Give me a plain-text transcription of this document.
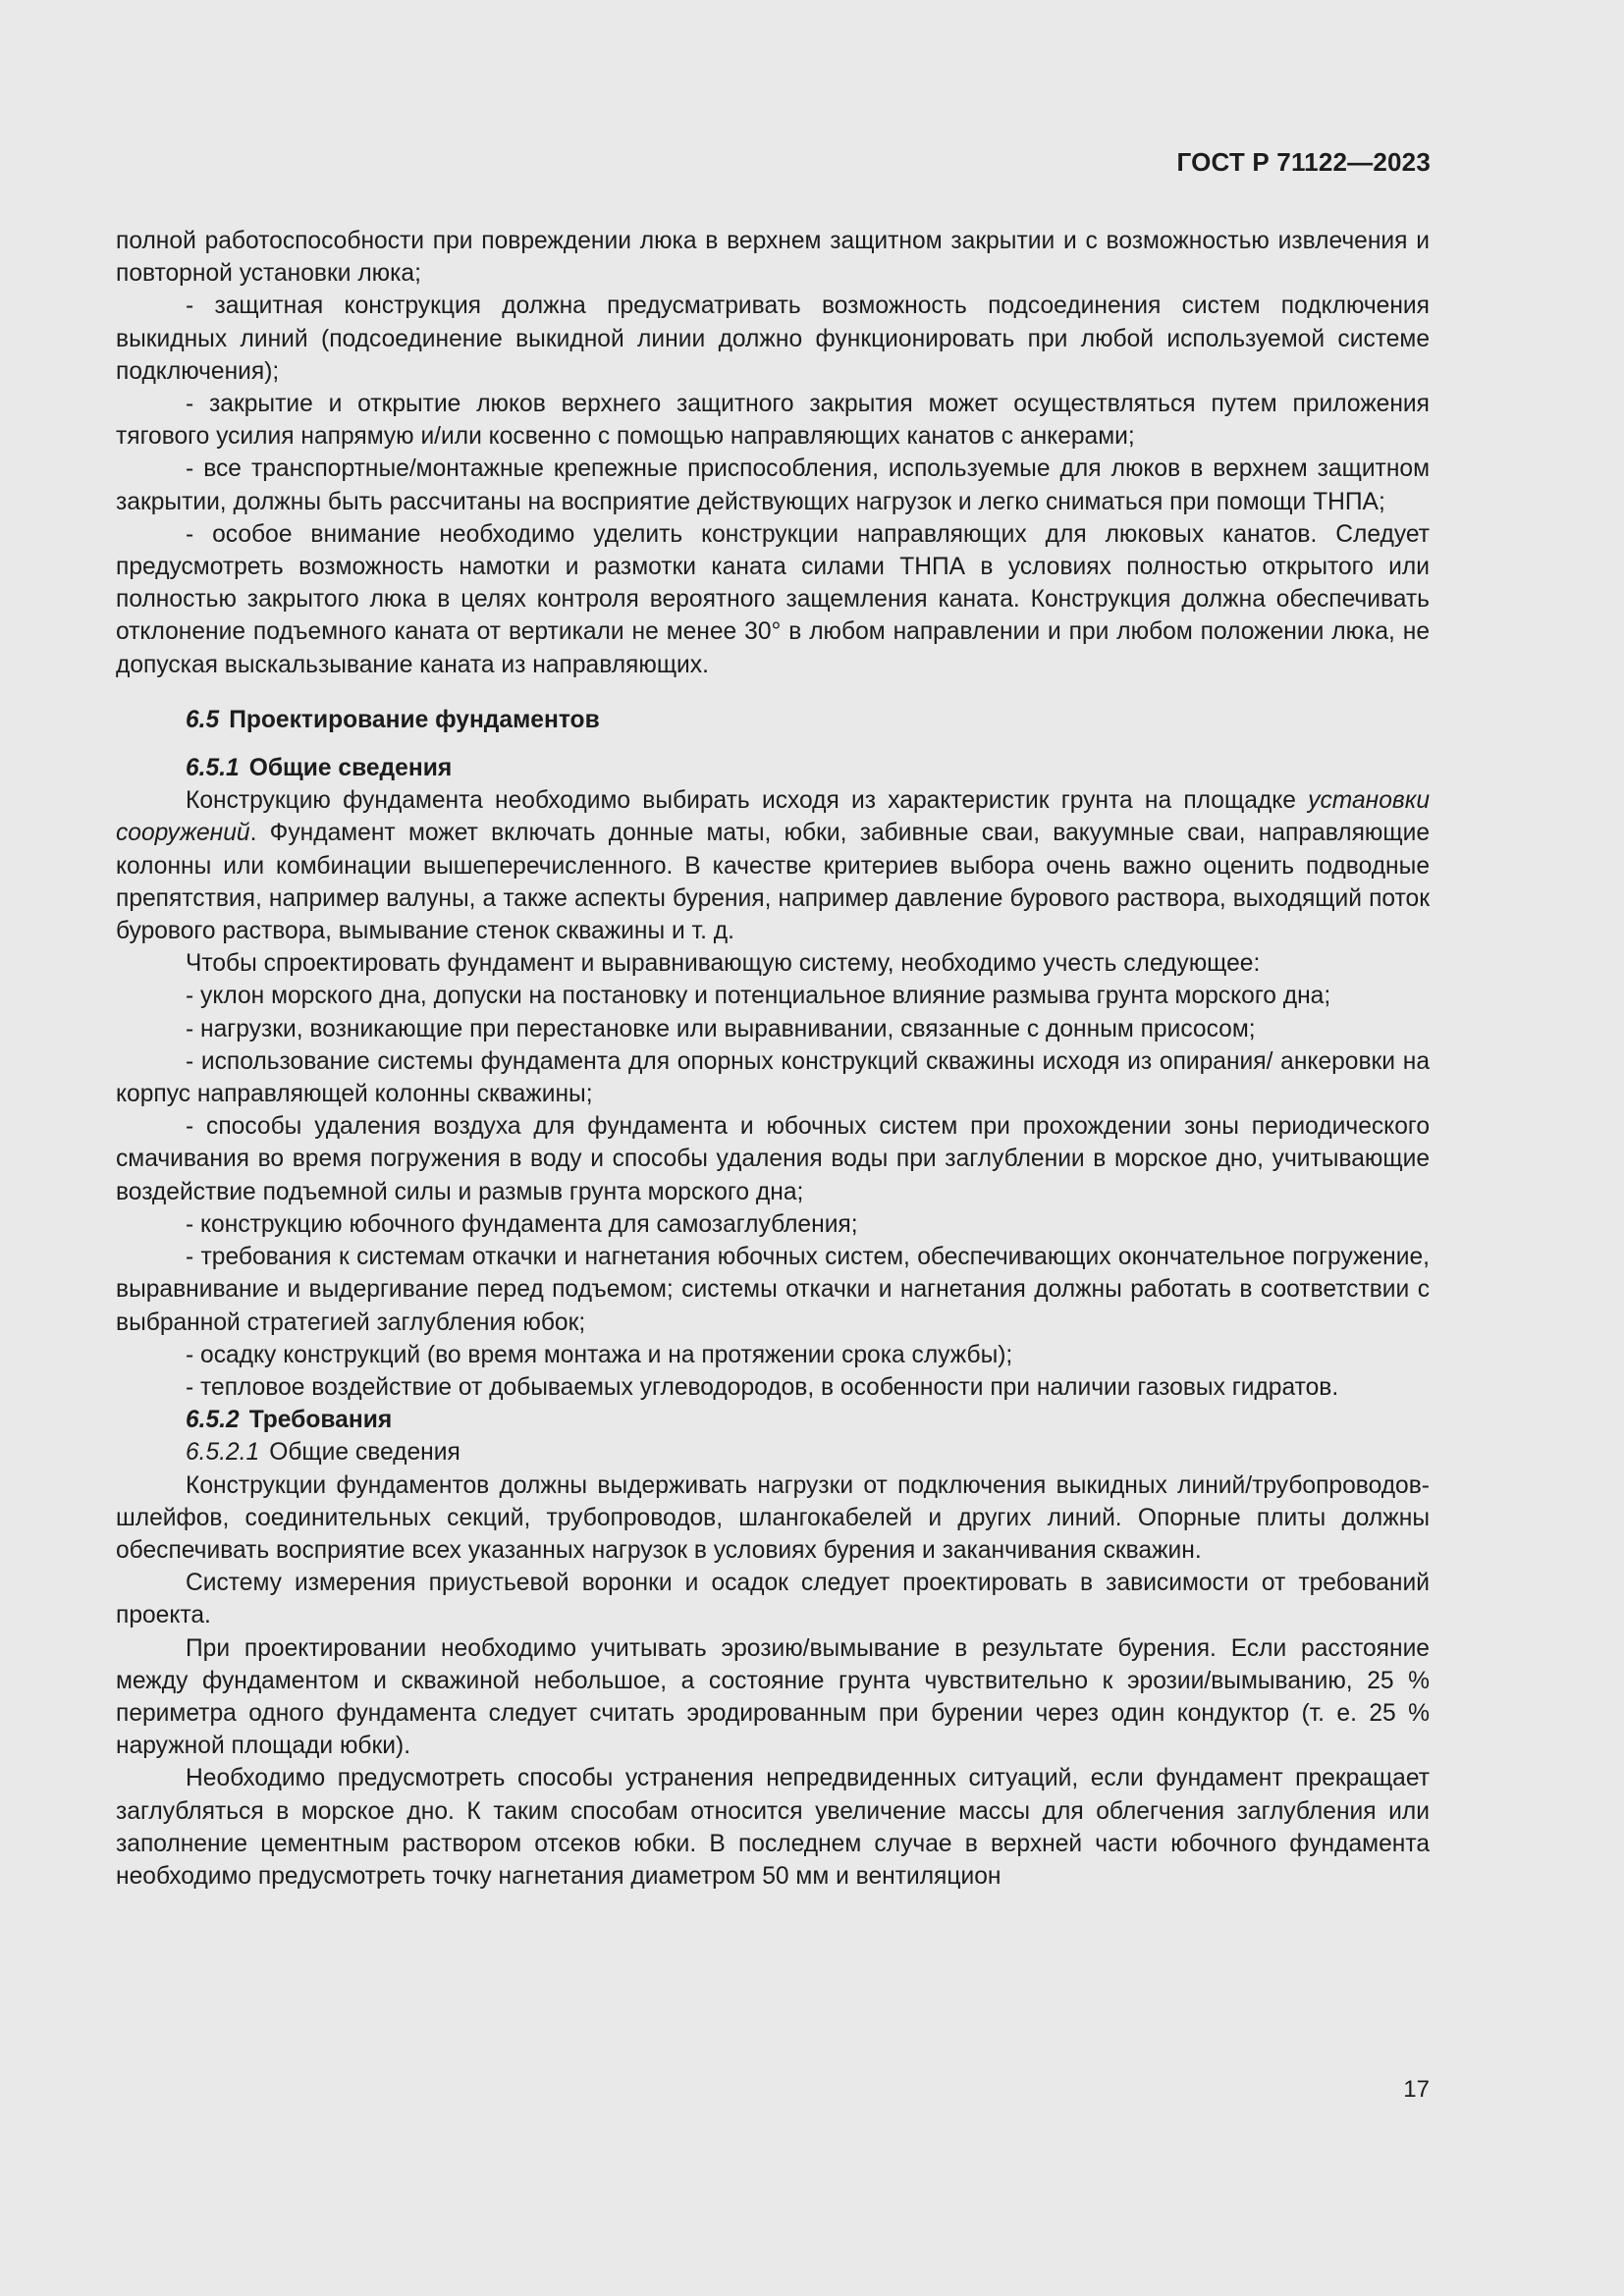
ГОСТ Р 71122—2023

полной работоспособности при повреждении люка в верхнем защитном закрытии и с возможностью извлечения и повторной установки люка;

- защитная конструкция должна предусматривать возможность подсоединения систем подключения выкидных линий (подсоединение выкидной линии должно функционировать при любой используемой системе подключения);

- закрытие и открытие люков верхнего защитного закрытия может осуществляться путем приложения тягового усилия напрямую и/или косвенно с помощью направляющих канатов с анкерами;

- все транспортные/монтажные крепежные приспособления, используемые для люков в верхнем защитном закрытии, должны быть рассчитаны на восприятие действующих нагрузок и легко сниматься при помощи ТНПА;

- особое внимание необходимо уделить конструкции направляющих для люковых канатов. Следует предусмотреть возможность намотки и размотки каната силами ТНПА в условиях полностью открытого или полностью закрытого люка в целях контроля вероятного защемления каната. Конструкция должна обеспечивать отклонение подъемного каната от вертикали не менее 30° в любом направлении и при любом положении люка, не допуская выскальзывание каната из направляющих.

6.5 Проектирование фундаментов
6.5.1 Общие сведения

Конструкцию фундамента необходимо выбирать исходя из характеристик грунта на площадке установки сооружений. Фундамент может включать донные маты, юбки, забивные сваи, вакуумные сваи, направляющие колонны или комбинации вышеперечисленного. В качестве критериев выбора очень важно оценить подводные препятствия, например валуны, а также аспекты бурения, например давление бурового раствора, выходящий поток бурового раствора, вымывание стенок скважины и т. д.

Чтобы спроектировать фундамент и выравнивающую систему, необходимо учесть следующее:

- уклон морского дна, допуски на постановку и потенциальное влияние размыва грунта морского дна;

- нагрузки, возникающие при перестановке или выравнивании, связанные с донным присосом;

- использование системы фундамента для опорных конструкций скважины исходя из опирания/ анкеровки на корпус направляющей колонны скважины;

- способы удаления воздуха для фундамента и юбочных систем при прохождении зоны периодического смачивания во время погружения в воду и способы удаления воды при заглублении в морское дно, учитывающие воздействие подъемной силы и размыв грунта морского дна;

- конструкцию юбочного фундамента для самозаглубления;

- требования к системам откачки и нагнетания юбочных систем, обеспечивающих окончательное погружение, выравнивание и выдергивание перед подъемом; системы откачки и нагнетания должны работать в соответствии с выбранной стратегией заглубления юбок;

- осадку конструкций (во время монтажа и на протяжении срока службы);

- тепловое воздействие от добываемых углеводородов, в особенности при наличии газовых гидратов.

6.5.2 Требования
6.5.2.1 Общие сведения

Конструкции фундаментов должны выдерживать нагрузки от подключения выкидных линий/трубопроводов-шлейфов, соединительных секций, трубопроводов, шлангокабелей и других линий. Опорные плиты должны обеспечивать восприятие всех указанных нагрузок в условиях бурения и заканчивания скважин.

Систему измерения приустьевой воронки и осадок следует проектировать в зависимости от требований проекта.

При проектировании необходимо учитывать эрозию/вымывание в результате бурения. Если расстояние между фундаментом и скважиной небольшое, а состояние грунта чувствительно к эрозии/вымыванию, 25 % периметра одного фундамента следует считать эродированным при бурении через один кондуктор (т. е. 25 % наружной площади юбки).

Необходимо предусмотреть способы устранения непредвиденных ситуаций, если фундамент прекращает заглубляться в морское дно. К таким способам относится увеличение массы для облегчения заглубления или заполнение цементным раствором отсеков юбки. В последнем случае в верхней части юбочного фундамента необходимо предусмотреть точку нагнетания диаметром 50 мм и вентиляцион

17
